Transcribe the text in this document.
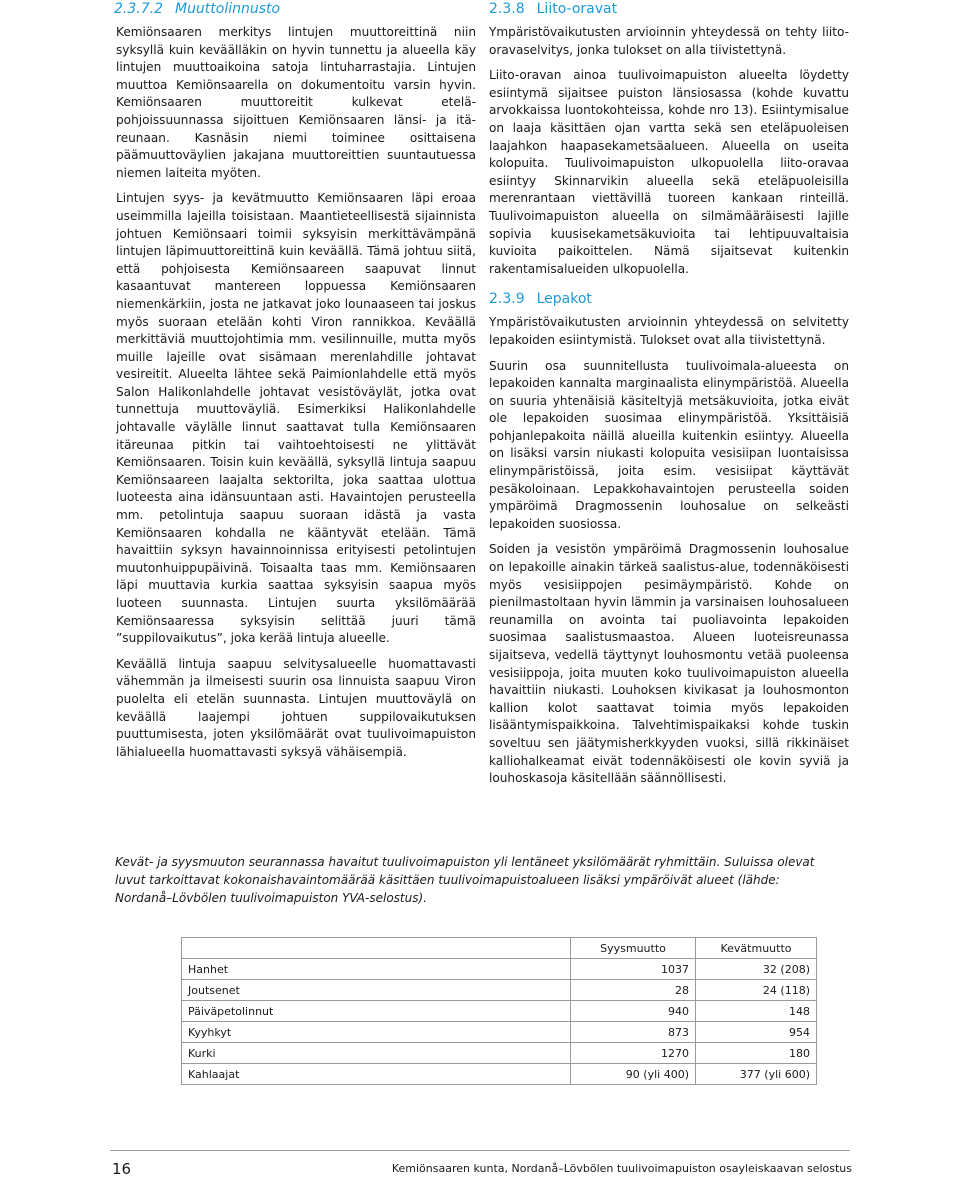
2.3.7.2 Muuttolinnusto

Kemiönsaaren merkitys lintujen muuttoreittinä niin syksyllä kuin keväälläkin on hyvin tunnettu ja alueella käy lintujen muuttoaikoina satoja lintuharrastajia. Lintujen muuttoa Kemiönsaarella on dokumentoitu varsin hyvin. Kemiönsaaren muuttoreitit kulkevat etelä-pohjoissuunnassa sijoittuen Kemiönsaaren länsi- ja itä-reunaan. Kasnäsin niemi toiminee osittaisena päämuuttoväylien jakajana muuttoreittien suuntautuessa niemen laiteita myöten.

Lintujen syys- ja kevätmuutto Kemiönsaaren läpi eroaa useimmilla lajeilla toisistaan. Maantieteellisestä sijainnista johtuen Kemiönsaari toimii syksyisin merkittävämpänä lintujen läpimuuttoreittinä kuin keväällä. Tämä johtuu siitä, että pohjoisesta Kemiönsaareen saapuvat linnut kasaantuvat mantereen loppuessa Kemiönsaaren niemenkärkiin, josta ne jatkavat joko lounaaseen tai joskus myös suoraan etelään kohti Viron rannikkoa. Keväällä merkittäviä muuttojohtimia mm. vesilinnuille, mutta myös muille lajeille ovat sisämaan merenlahdille johtavat vesireitit. Alueelta lähtee sekä Paimionlahdelle että myös Salon Halikonlahdelle johtavat vesistöväylät, jotka ovat tunnettuja muuttoväyliä. Esimerkiksi Halikonlahdelle johtavalle väylälle linnut saattavat tulla Kemiönsaaren itäreunaa pitkin tai vaihtoehtoisesti ne ylittävät Kemiönsaaren. Toisin kuin keväällä, syksyllä lintuja saapuu Kemiönsaareen laajalta sektorilta, joka saattaa ulottua luoteesta aina idänsuuntaan asti. Havaintojen perusteella mm. petolintuja saapuu suoraan idästä ja vasta Kemiönsaaren kohdalla ne kääntyvät etelään. Tämä havaittiin syksyn havainnoinnissa erityisesti petolintujen muutonhuippupäivinä. Toisaalta taas mm. Kemiönsaaren läpi muuttavia kurkia saattaa syksyisin saapua myös luoteen suunnasta. Lintujen suurta yksilömäärää Kemiönsaaressa syksyisin selittää juuri tämä ”suppilovaikutus”, joka kerää lintuja alueelle.

Keväällä lintuja saapuu selvitysalueelle huomattavasti vähemmän ja ilmeisesti suurin osa linnuista saapuu Viron puolelta eli etelän suunnasta. Lintujen muuttoväylä on keväällä laajempi johtuen suppilovaikutuksen puuttumisesta, joten yksilömäärät ovat tuulivoimapuiston lähialueella huomattavasti syksyä vähäisempiä.

2.3.8 Liito-oravat

Ympäristövaikutusten arvioinnin yhteydessä on tehty liito-oravaselvitys, jonka tulokset on alla tiivistettynä.

Liito-oravan ainoa tuulivoimapuiston alueelta löydetty esiintymä sijaitsee puiston länsiosassa (kohde kuvattu arvokkaissa luontokohteissa, kohde nro 13). Esiintymisalue on laaja käsittäen ojan vartta sekä sen eteläpuoleisen laajahkon haapasekametsäalueen. Alueella on useita kolopuita. Tuulivoimapuiston ulkopuolella liito-oravaa esiintyy Skinnarvikin alueella sekä eteläpuoleisilla merenrantaan viettävillä tuoreen kankaan rinteillä. Tuulivoimapuiston alueella on silmämääräisesti lajille sopivia kuusisekametsäkuvioita tai lehtipuuvaltaisia kuvioita paikoittelen. Nämä sijaitsevat kuitenkin rakentamisalueiden ulkopuolella.

2.3.9 Lepakot

Ympäristövaikutusten arvioinnin yhteydessä on selvitetty lepakoiden esiintymistä. Tulokset ovat alla tiivistettynä.

Suurin osa suunnitellusta tuulivoimala-alueesta on lepakoiden kannalta marginaalista elinympäristöä. Alueella on suuria yhtenäisiä käsiteltyjä metsäkuvioita, jotka eivät ole lepakoiden suosimaa elinympäristöä. Yksittäisiä pohjanlepakoita näillä alueilla kuitenkin esiintyy. Alueella on lisäksi varsin niukasti kolopuita vesisiipan luontaisissa elinympäristöissä, joita esim. vesisiipat käyttävät pesäkoloinaan. Lepakkohavaintojen perusteella soiden ympäröimä Dragmossenin louhosalue on selkeästi lepakoiden suosiossa.

Soiden ja vesistön ympäröimä Dragmossenin louhosalue on lepakoille ainakin tärkeä saalistus-alue, todennäköisesti myös vesisiippojen pesimäympäristö. Kohde on pienilmastoltaan hyvin lämmin ja varsinaisen louhosalueen reunamilla on avointa tai puoliavointa lepakoiden suosimaa saalistusmaastoa. Alueen luoteisreunassa sijaitseva, vedellä täyttynyt louhosmontu vetää puoleensa vesisiippoja, joita muuten koko tuulivoimapuiston alueella havaittiin niukasti. Louhoksen kivikasat ja louhosmonton kallion kolot saattavat toimia myös lepakoiden lisääntymispaikkoina. Talvehtimispaikaksi kohde tuskin soveltuu sen jäätymisherkkyyden vuoksi, sillä rikkinäiset kalliohalkeamat eivät todennäköisesti ole kovin syviä ja louhoskasoja käsitellään säännöllisesti.

Kevät- ja syysmuuton seurannassa havaitut tuulivoimapuiston yli lentäneet yksilömäärät ryhmittäin. Suluissa olevat luvut tarkoittavat kokonaishavaintomäärää käsittäen tuulivoimapuistoalueen lisäksi ympäröivät alueet (lähde: Nordanå–Lövbölen tuulivoimapuiston YVA-selostus).
	Syysmuutto	Kevätmuutto
Hanhet	1037	32 (208)
Joutsenet	28	24 (118)
Päiväpetolinnut	940	148
Kyyhkyt	873	954
Kurki	1270	180
Kahlaajat	90 (yli 400)	377 (yli 600)
16	Kemiönsaaren kunta, Nordanå–Lövbölen tuulivoimapuiston osayleiskaavan selostus
